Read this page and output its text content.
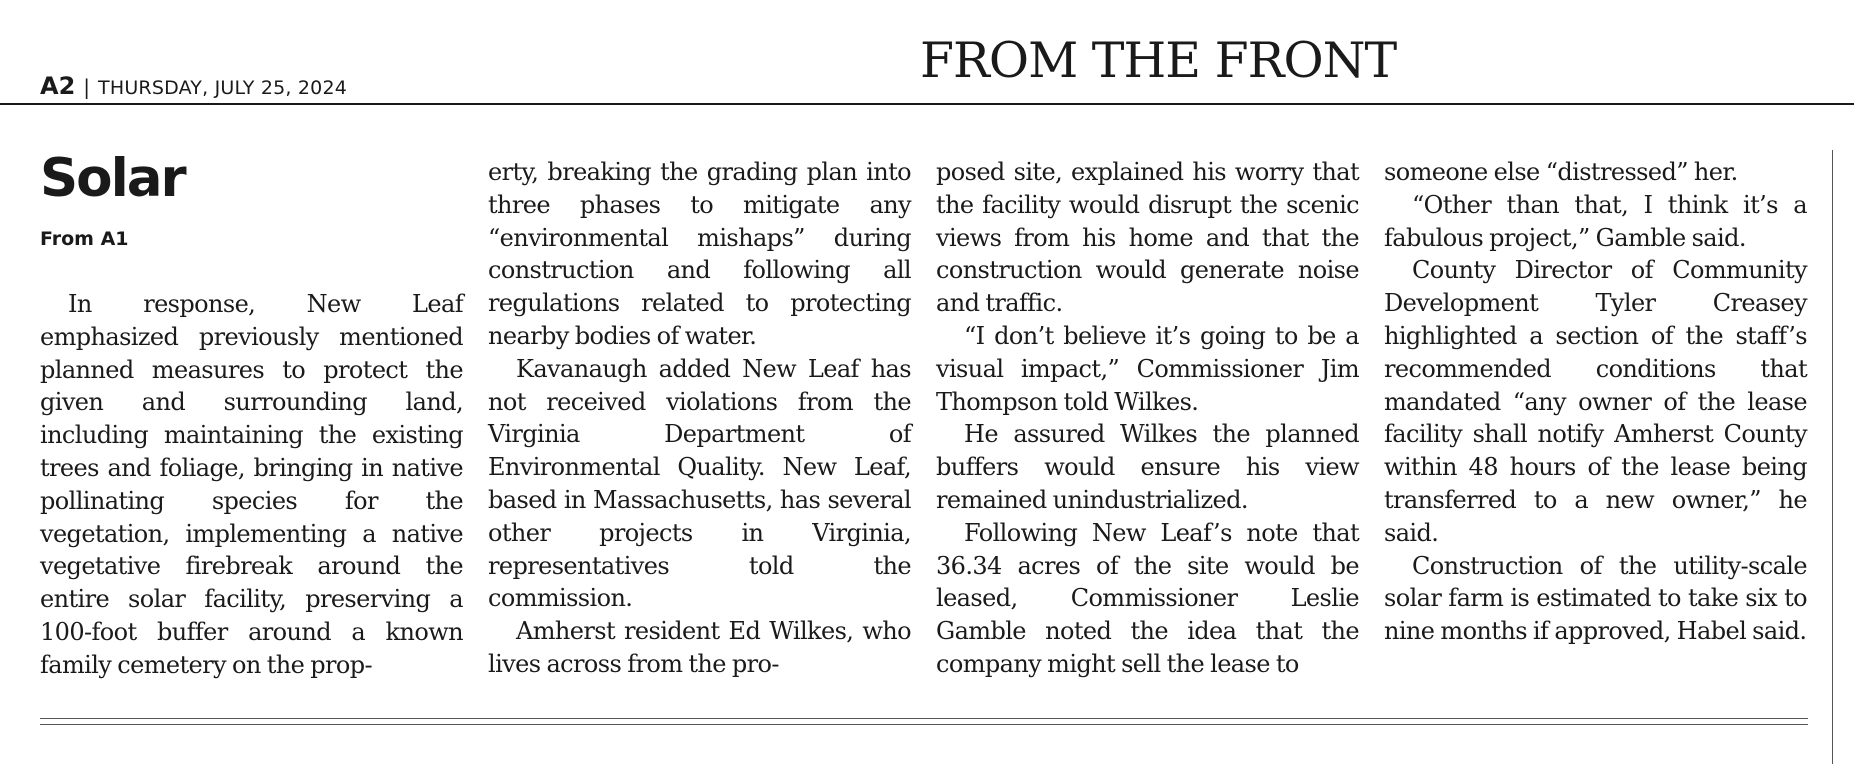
A2 | THURSDAY, JULY 25, 2024	FROM THE FRONT
Solar
From A1

In response, New Leaf emphasized previously mentioned planned measures to protect the given and surrounding land, including maintaining the existing trees and foliage, bringing in native pollinating species for the vegetation, implementing a native vegetative firebreak around the entire solar facility, preserving a 100-foot buffer around a known family cemetery on the prop-

erty, breaking the grading plan into three phases to mitigate any “environmental mishaps” during construction and following all regulations related to protecting nearby bodies of water.

Kavanaugh added New Leaf has not received violations from the Virginia Department of Environmental Quality. New Leaf, based in Massachusetts, has several other projects in Virginia, representatives told the commission.

Amherst resident Ed Wilkes, who lives across from the pro-

posed site, explained his worry that the facility would disrupt the scenic views from his home and that the construction would generate noise and traffic.

“I don’t believe it’s going to be a visual impact,” Commissioner Jim Thompson told Wilkes.

He assured Wilkes the planned buffers would ensure his view remained unindustrialized.

Following New Leaf’s note that 36.34 acres of the site would be leased, Commissioner Leslie Gamble noted the idea that the company might sell the lease to

someone else “distressed” her.

“Other than that, I think it’s a fabulous project,” Gamble said.

County Director of Community Development Tyler Creasey highlighted a section of the staff’s recommended conditions that mandated “any owner of the lease facility shall notify Amherst County within 48 hours of the lease being transferred to a new owner,” he said.

Construction of the utility-scale solar farm is estimated to take six to nine months if approved, Habel said.
